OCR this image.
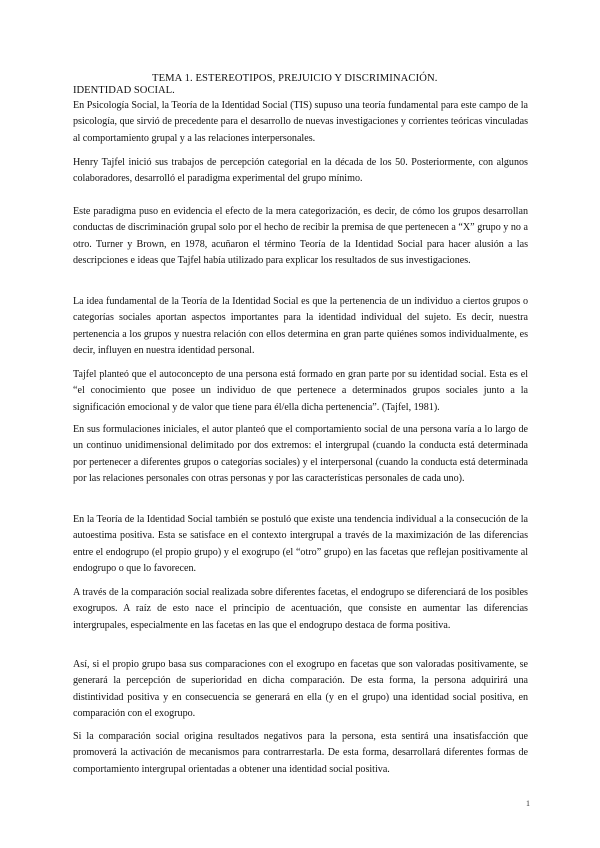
TEMA 1. ESTEREOTIPOS, PREJUICIO Y DISCRIMINACIÓN.
IDENTIDAD SOCIAL.

En Psicología Social, la Teoría de la Identidad Social (TIS) supuso una teoría fundamental para este campo de la psicología, que sirvió de precedente para el desarrollo de nuevas investigaciones y corrientes teóricas vinculadas al comportamiento grupal y a las relaciones interpersonales.

Henry Tajfel inició sus trabajos de percepción categorial en la década de los 50. Posteriormente, con algunos colaboradores, desarrolló el paradigma experimental del grupo mínimo.

Este paradigma puso en evidencia el efecto de la mera categorización, es decir, de cómo los grupos desarrollan conductas de discriminación grupal solo por el hecho de recibir la premisa de que pertenecen a “X” grupo y no a otro. Turner y Brown, en 1978, acuñaron el término Teoría de la Identidad Social para hacer alusión a las descripciones e ideas que Tajfel había utilizado para explicar los resultados de sus investigaciones.

La idea fundamental de la Teoría de la Identidad Social es que la pertenencia de un individuo a ciertos grupos o categorías sociales aportan aspectos importantes para la identidad individual del sujeto. Es decir, nuestra pertenencia a los grupos y nuestra relación con ellos determina en gran parte quiénes somos individualmente, es decir, influyen en nuestra identidad personal.

Tajfel planteó que el autoconcepto de una persona está formado en gran parte por su identidad social. Esta es el “el conocimiento que posee un individuo de que pertenece a determinados grupos sociales junto a la significación emocional y de valor que tiene para él/ella dicha pertenencia”. (Tajfel, 1981).

En sus formulaciones iniciales, el autor planteó que el comportamiento social de una persona varía a lo largo de un continuo unidimensional delimitado por dos extremos: el intergrupal (cuando la conducta está determinada por pertenecer a diferentes grupos o categorías sociales) y el interpersonal (cuando la conducta está determinada por las relaciones personales con otras personas y por las características personales de cada uno).

En la Teoría de la Identidad Social también se postuló que existe una tendencia individual a la consecución de la autoestima positiva. Esta se satisface en el contexto intergrupal a través de la maximización de las diferencias entre el endogrupo (el propio grupo) y el exogrupo (el “otro” grupo) en las facetas que reflejan positivamente al endogrupo o que lo favorecen.

A través de la comparación social realizada sobre diferentes facetas, el endogrupo se diferenciará de los posibles exogrupos. A raíz de esto nace el principio de acentuación, que consiste en aumentar las diferencias intergrupales, especialmente en las facetas en las que el endogrupo destaca de forma positiva.

Así, si el propio grupo basa sus comparaciones con el exogrupo en facetas que son valoradas positivamente, se generará la percepción de superioridad en dicha comparación. De esta forma, la persona adquirirá una distintividad positiva y en consecuencia se generará en ella (y en el grupo) una identidad social positiva, en comparación con el exogrupo.

Si la comparación social origina resultados negativos para la persona, esta sentirá una insatisfacción que promoverá la activación de mecanismos para contrarrestarla. De esta forma, desarrollará diferentes formas de comportamiento intergrupal orientadas a obtener una identidad social positiva.

1
